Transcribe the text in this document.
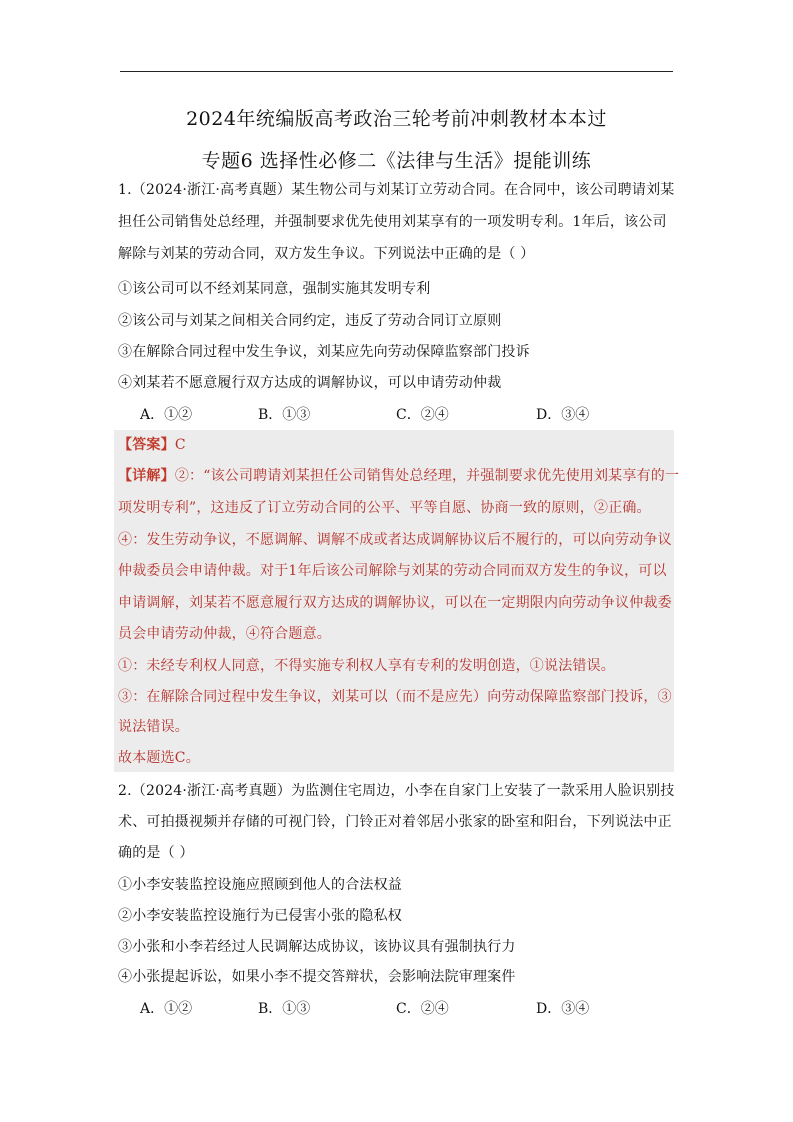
2024年统编版高考政治三轮考前冲刺教材本本过
专题6 选择性必修二《法律与生活》提能训练
1.（2024·浙江·高考真题）某生物公司与刘某订立劳动合同。在合同中，该公司聘请刘某
担任公司销售处总经理，并强制要求优先使用刘某享有的一项发明专利。1年后，该公司
解除与刘某的劳动合同，双方发生争议。下列说法中正确的是（ ）
①该公司可以不经刘某同意，强制实施其发明专利
②该公司与刘某之间相关合同约定，违反了劳动合同订立原则
③在解除合同过程中发生争议，刘某应先向劳动保障监察部门投诉
④刘某若不愿意履行双方达成的调解协议，可以申请劳动仲裁
A．①②	B．①③	C．②④	D．③④
【答案】C
【详解】②：“该公司聘请刘某担任公司销售处总经理，并强制要求优先使用刘某享有的一
项发明专利”，这违反了订立劳动合同的公平、平等自愿、协商一致的原则，②正确。
④：发生劳动争议，不愿调解、调解不成或者达成调解协议后不履行的，可以向劳动争议
仲裁委员会申请仲裁。对于1年后该公司解除与刘某的劳动合同而双方发生的争议，可以
申请调解，刘某若不愿意履行双方达成的调解协议，可以在一定期限内向劳动争议仲裁委
员会申请劳动仲裁，④符合题意。
①：未经专利权人同意，不得实施专利权人享有专利的发明创造，①说法错误。
③：在解除合同过程中发生争议，刘某可以（而不是应先）向劳动保障监察部门投诉，③
说法错误。
故本题选C。
2.（2024·浙江·高考真题）为监测住宅周边，小李在自家门上安装了一款采用人脸识别技
术、可拍摄视频并存储的可视门铃，门铃正对着邻居小张家的卧室和阳台，下列说法中正
确的是（ ）
①小李安装监控设施应照顾到他人的合法权益
②小李安装监控设施行为已侵害小张的隐私权
③小张和小李若经过人民调解达成协议，该协议具有强制执行力
④小张提起诉讼，如果小李不提交答辩状，会影响法院审理案件
A．①②	B．①③	C．②④	D．③④
